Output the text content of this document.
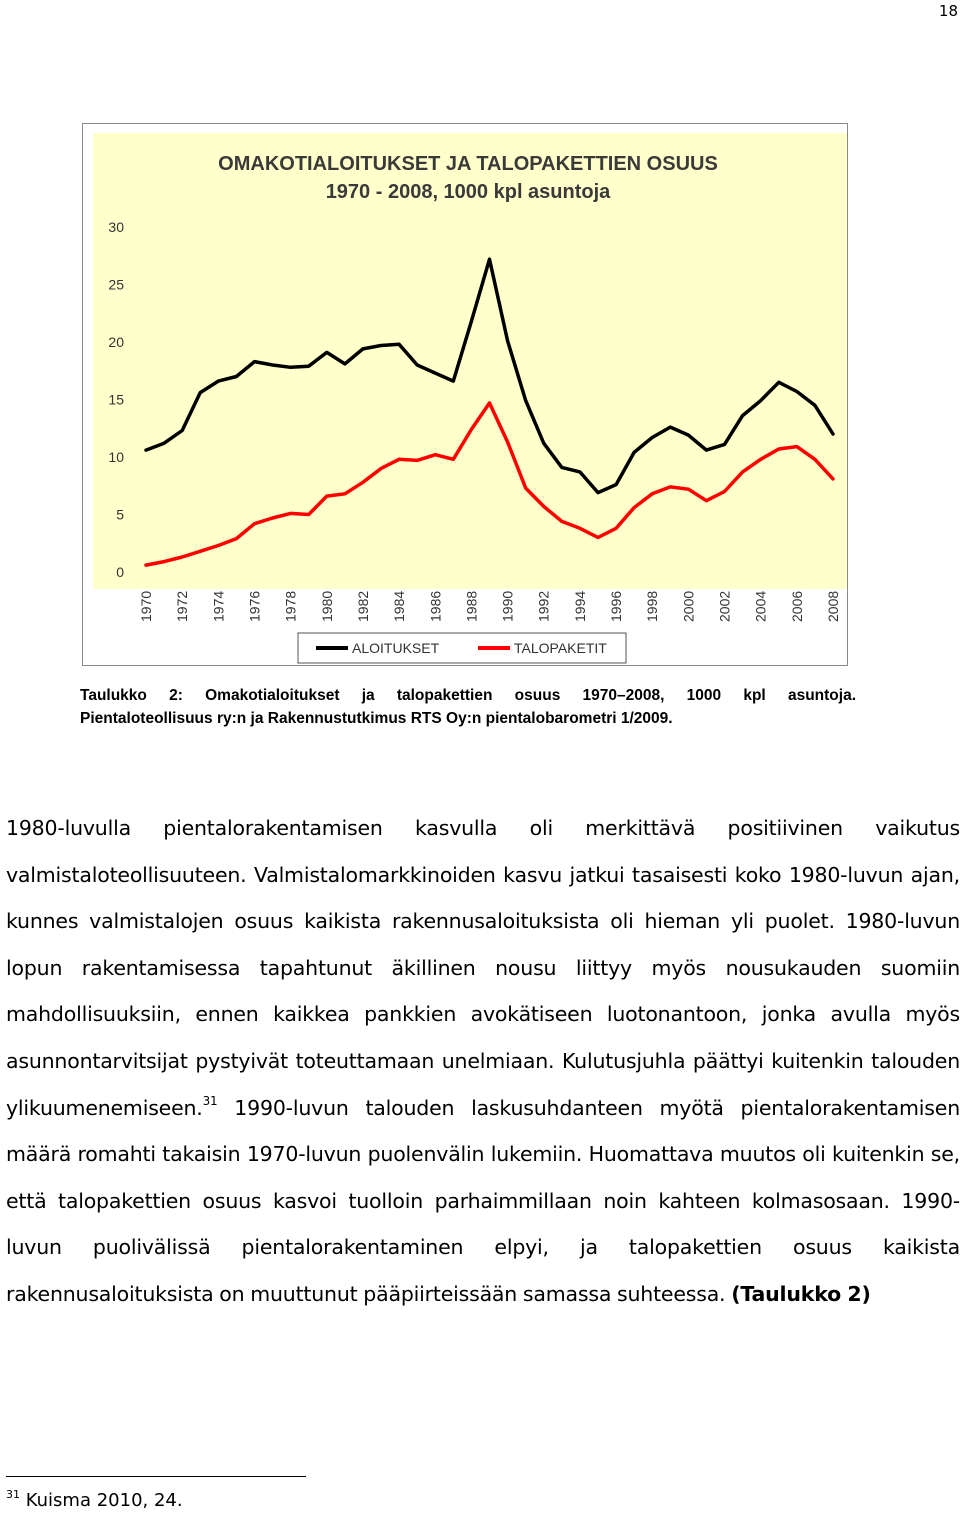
18
OMAKOTIALOITUKSET JA TALOPAKETTIEN OSUUS
1970 - 2008, 1000 kpl asuntoja
0
5
10
15
20
25
30
1970 1972 1974 1976 1978 1980 1982 1984 1986 1988 1990 1992 1994 1996 1998 2000 2002 2004 2006 2008
ALOITUKSET	TALOPAKETIT
Taulukko 2: Omakotialoitukset ja talopakettien osuus 1970–2008, 1000 kpl asuntoja.
Pientaloteollisuus ry:n ja Rakennustutkimus RTS Oy:n pientalobarometri 1/2009.
1980-luvulla pientalorakentamisen kasvulla oli merkittävä positiivinen vaikutus valmistaloteollisuuteen. Valmistalomarkkinoiden kasvu jatkui tasaisesti koko 1980-luvun ajan, kunnes valmistalojen osuus kaikista rakennusaloituksista oli hieman yli puolet. 1980-luvun lopun rakentamisessa tapahtunut äkillinen nousu liittyy myös nousukauden suomiin mahdollisuuksiin, ennen kaikkea pankkien avokätiseen luotonantoon, jonka avulla myös asunnontarvitsijat pystyivät toteuttamaan unelmiaan. Kulutusjuhla päättyi kuitenkin talouden ylikuumenemiseen.$^{31}$ 1990-luvun talouden laskusuhdanteen myötä pientalorakentamisen määrä romahti takaisin 1970-luvun puolenvälin lukemiin. Huomattava muutos oli kuitenkin se, että talopakettien osuus kasvoi tuolloin parhaimmillaan noin kahteen kolmasosaan. 1990-luvun puolivälissä pientalorakentaminen elpyi, ja talopakettien osuus kaikista rakennusaloituksista on muuttunut pääpiirteissään samassa suhteessa. (Taulukko 2)
$^{31}$ Kuisma 2010, 24.
